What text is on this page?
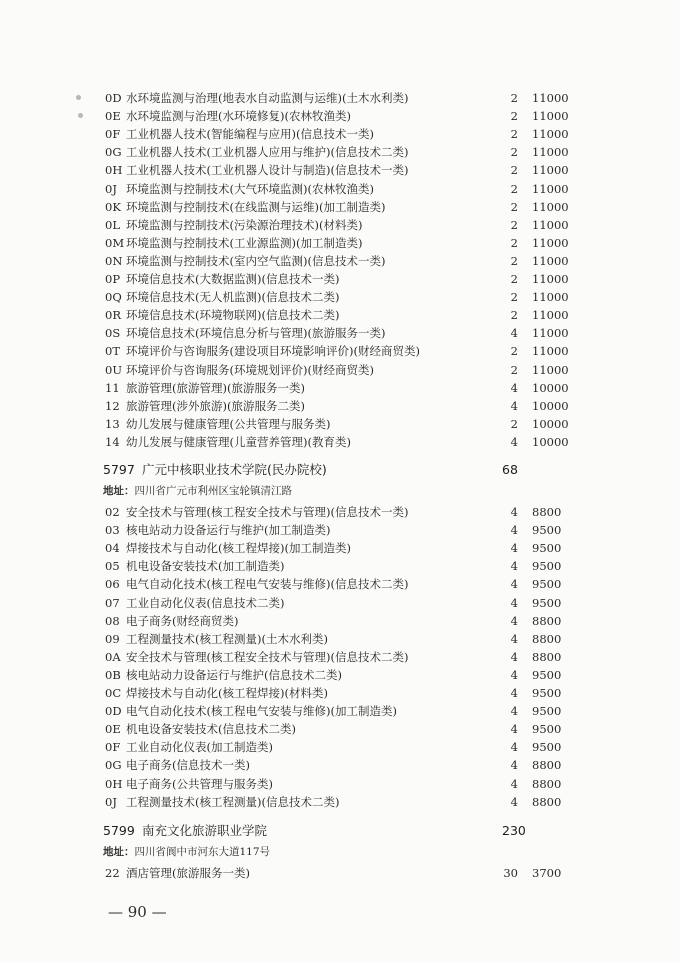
0D 水环境监测与治理(地表水自动监测与运维)(土木水利类)	2 11000
0E 水环境监测与治理(水环境修复)(农林牧渔类)	2 11000
0F 工业机器人技术(智能编程与应用)(信息技术一类)	2 11000
0G 工业机器人技术(工业机器人应用与维护)(信息技术二类)	2 11000
0H 工业机器人技术(工业机器人设计与制造)(信息技术一类)	2 11000
0J 环境监测与控制技术(大气环境监测)(农林牧渔类)	2 11000
0K 环境监测与控制技术(在线监测与运维)(加工制造类)	2 11000
0L 环境监测与控制技术(污染源治理技术)(材料类)	2 11000
0M 环境监测与控制技术(工业源监测)(加工制造类)	2 11000
0N 环境监测与控制技术(室内空气监测)(信息技术一类)	2 11000
0P 环境信息技术(大数据监测)(信息技术一类)	2 11000
0Q 环境信息技术(无人机监测)(信息技术二类)	2 11000
0R 环境信息技术(环境物联网)(信息技术二类)	2 11000
0S 环境信息技术(环境信息分析与管理)(旅游服务一类)	4 11000
0T 环境评价与咨询服务(建设项目环境影响评价)(财经商贸类)	2 11000
0U 环境评价与咨询服务(环境规划评价)(财经商贸类)	2 11000
11 旅游管理(旅游管理)(旅游服务一类)	4 10000
12 旅游管理(涉外旅游)(旅游服务二类)	4 10000
13 幼儿发展与健康管理(公共管理与服务类)	2 10000
14 幼儿发展与健康管理(儿童营养管理)(教育类)	4 10000
5797 广元中核职业技术学院(民办院校)	68
地址：四川省广元市利州区宝轮镇清江路
02 安全技术与管理(核工程安全技术与管理)(信息技术一类)	4 8800
03 核电站动力设备运行与维护(加工制造类)	4 9500
04 焊接技术与自动化(核工程焊接)(加工制造类)	4 9500
05 机电设备安装技术(加工制造类)	4 9500
06 电气自动化技术(核工程电气安装与维修)(信息技术二类)	4 9500
07 工业自动化仪表(信息技术二类)	4 9500
08 电子商务(财经商贸类)	4 8800
09 工程测量技术(核工程测量)(土木水利类)	4 8800
0A 安全技术与管理(核工程安全技术与管理)(信息技术二类)	4 8800
0B 核电站动力设备运行与维护(信息技术二类)	4 9500
0C 焊接技术与自动化(核工程焊接)(材料类)	4 9500
0D 电气自动化技术(核工程电气安装与维修)(加工制造类)	4 9500
0E 机电设备安装技术(信息技术二类)	4 9500
0F 工业自动化仪表(加工制造类)	4 9500
0G 电子商务(信息技术一类)	4 8800
0H 电子商务(公共管理与服务类)	4 8800
0J 工程测量技术(核工程测量)(信息技术二类)	4 8800
5799 南充文化旅游职业学院	230
地址：四川省阆中市河东大道117号
22 酒店管理(旅游服务一类)	30 3700
— 90 —
